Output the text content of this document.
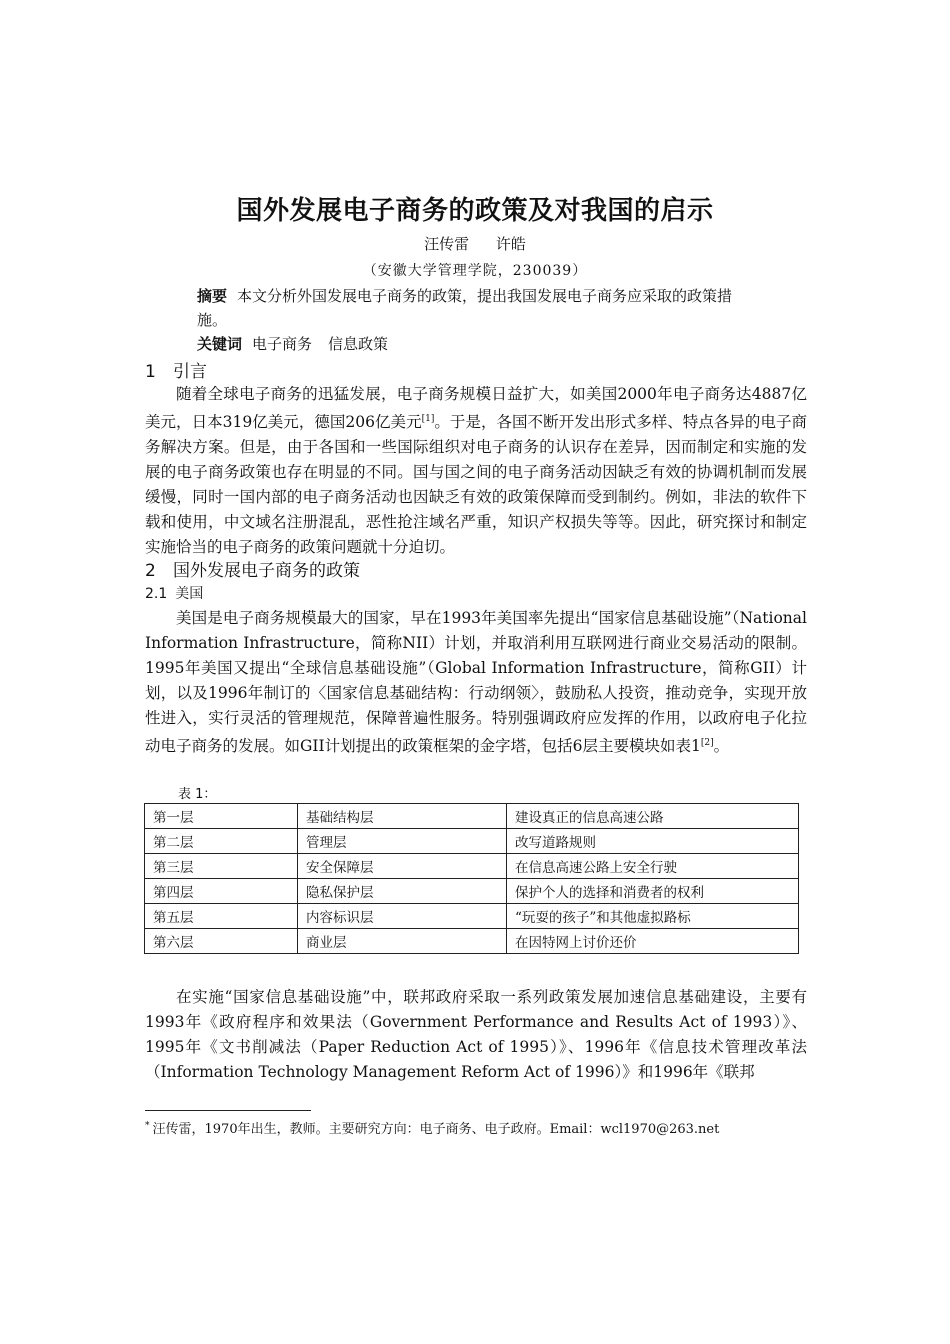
国外发展电子商务的政策及对我国的启示
汪传雷 许皓
（安徽大学管理学院，230039）
摘要 本文分析外国发展电子商务的政策，提出我国发展电子商务应采取的政策措施。
关键词 电子商务 信息政策
1 引言
随着全球电子商务的迅猛发展，电子商务规模日益扩大，如美国2000年电子商务达4887亿美元，日本319亿美元，德国206亿美元[1]。于是，各国不断开发出形式多样、特点各异的电子商务解决方案。但是，由于各国和一些国际组织对电子商务的认识存在差异，因而制定和实施的发展的电子商务政策也存在明显的不同。国与国之间的电子商务活动因缺乏有效的协调机制而发展缓慢，同时一国内部的电子商务活动也因缺乏有效的政策保障而受到制约。例如，非法的软件下载和使用，中文域名注册混乱，恶性抢注域名严重，知识产权损失等等。因此，研究探讨和制定实施恰当的电子商务的政策问题就十分迫切。
2 国外发展电子商务的政策
2.1 美国
美国是电子商务规模最大的国家，早在1993年美国率先提出“国家信息基础设施”（National Information Infrastructure，简称NII）计划，并取消利用互联网进行商业交易活动的限制。1995年美国又提出“全球信息基础设施”（Global Information Infrastructure，简称GII）计划，以及1996年制订的〈国家信息基础结构：行动纲领〉，鼓励私人投资，推动竞争，实现开放性进入，实行灵活的管理规范，保障普遍性服务。特别强调政府应发挥的作用，以政府电子化拉动电子商务的发展。如GII计划提出的政策框架的金字塔，包括6层主要模块如表1[2]。
表 1：
第一层	基础结构层	建设真正的信息高速公路
第二层	管理层	改写道路规则
第三层	安全保障层	在信息高速公路上安全行驶
第四层	隐私保护层	保护个人的选择和消费者的权利
第五层	内容标识层	“玩耍的孩子”和其他虚拟路标
第六层	商业层	在因特网上讨价还价
在实施“国家信息基础设施”中，联邦政府采取一系列政策发展加速信息基础建设，主要有1993年《政府程序和效果法（Government Performance and Results Act of 1993）》、1995年《文书削减法（Paper Reduction Act of 1995）》、1996年《信息技术管理改革法（Information Technology Management Reform Act of 1996）》和1996年《联邦
* 汪传雷，1970年出生，教师。主要研究方向：电子商务、电子政府。Email：wcl1970@263.net
